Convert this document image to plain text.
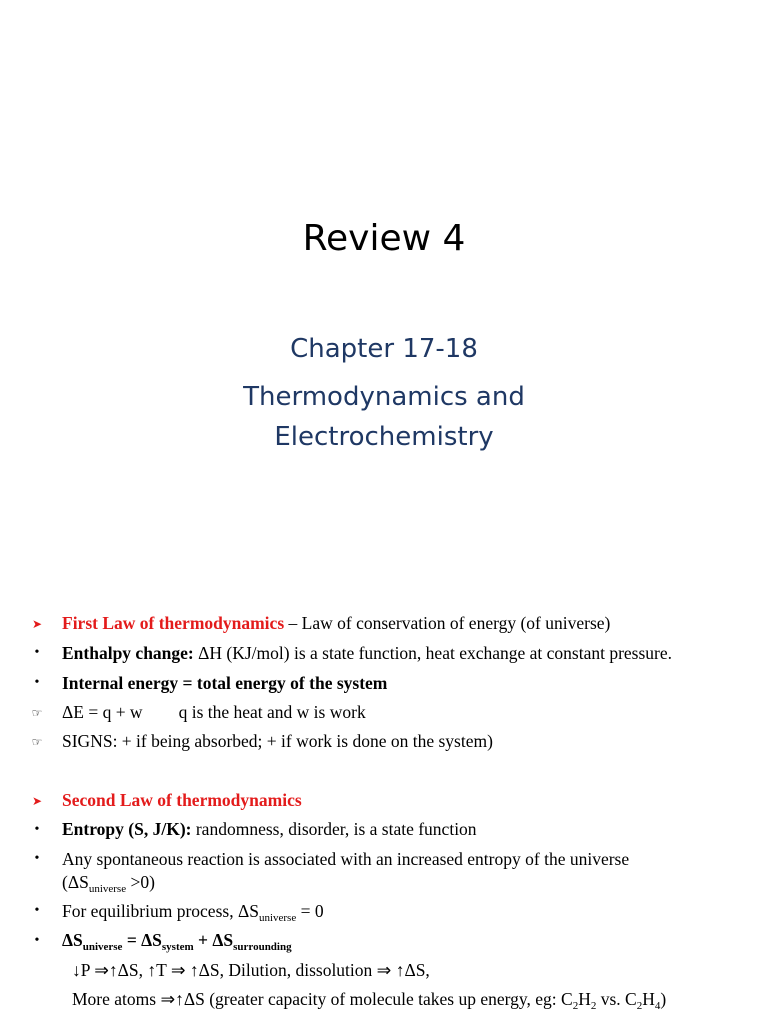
Review 4
Chapter 17-18
Thermodynamics and
Electrochemistry
➤ First Law of thermodynamics – Law of conservation of energy (of universe)
• Enthalpy change: ΔH (KJ/mol) is a state function, heat exchange at constant pressure.
• Internal energy = total energy of the system
☞ ΔE = q + w q is the heat and w is work
☞ SIGNS: + if being absorbed; + if work is done on the system)
➤ Second Law of thermodynamics
• Entropy (S, J/K): randomness, disorder, is a state function
• Any spontaneous reaction is associated with an increased entropy of the universe
$(\Delta S_{universe} >0)$
• For equilibrium process, $\Delta S_{universe} = 0$
• $\Delta S_{universe} = \Delta S_{system} + \Delta S_{surrounding}$
↓P ⇒↑ΔS, ↑T ⇒ ↑ΔS, Dilution, dissolution ⇒ ↑ΔS,
More atoms ⇒↑ΔS (greater capacity of molecule takes up energy, eg: $C_2H_2$ vs. $C_2H_4$)
